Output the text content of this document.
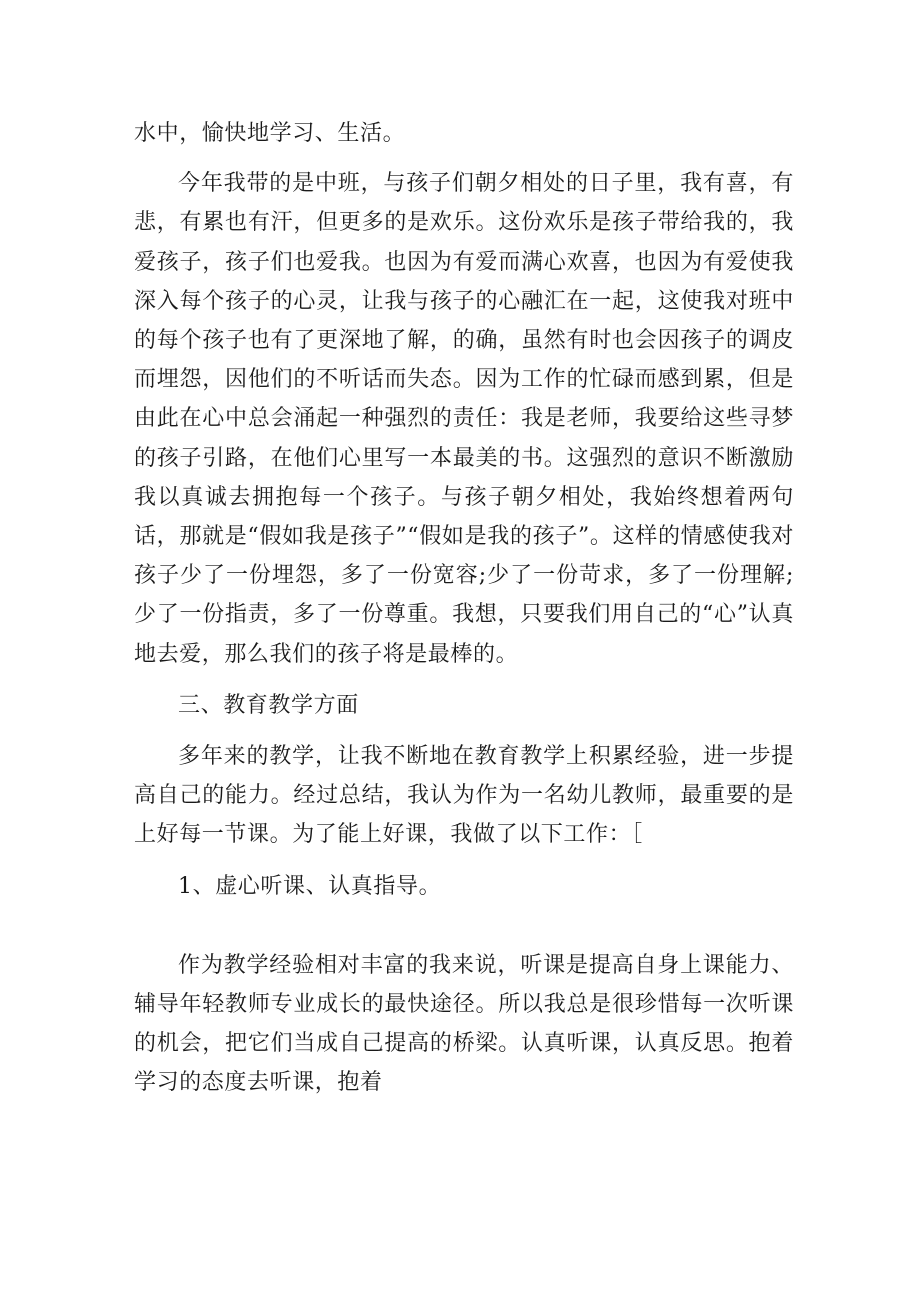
水中，愉快地学习、生活。

今年我带的是中班，与孩子们朝夕相处的日子里，我有喜，有悲，有累也有汗，但更多的是欢乐。这份欢乐是孩子带给我的，我爱孩子，孩子们也爱我。也因为有爱而满心欢喜，也因为有爱使我深入每个孩子的心灵，让我与孩子的心融汇在一起，这使我对班中的每个孩子也有了更深地了解，的确，虽然有时也会因孩子的调皮而埋怨，因他们的不听话而失态。因为工作的忙碌而感到累，但是由此在心中总会涌起一种强烈的责任：我是老师，我要给这些寻梦的孩子引路，在他们心里写一本最美的书。这强烈的意识不断激励我以真诚去拥抱每一个孩子。与孩子朝夕相处，我始终想着两句话，那就是“假如我是孩子”“假如是我的孩子”。这样的情感使我对孩子少了一份埋怨，多了一份宽容;少了一份苛求，多了一份理解;少了一份指责，多了一份尊重。我想，只要我们用自己的“心”认真地去爱，那么我们的孩子将是最棒的。

三、教育教学方面

多年来的教学，让我不断地在教育教学上积累经验，进一步提高自己的能力。经过总结，我认为作为一名幼儿教师，最重要的是上好每一节课。为了能上好课，我做了以下工作：［

1、虚心听课、认真指导。

作为教学经验相对丰富的我来说，听课是提高自身上课能力、辅导年轻教师专业成长的最快途径。所以我总是很珍惜每一次听课的机会，把它们当成自己提高的桥梁。认真听课，认真反思。抱着学习的态度去听课，抱着
